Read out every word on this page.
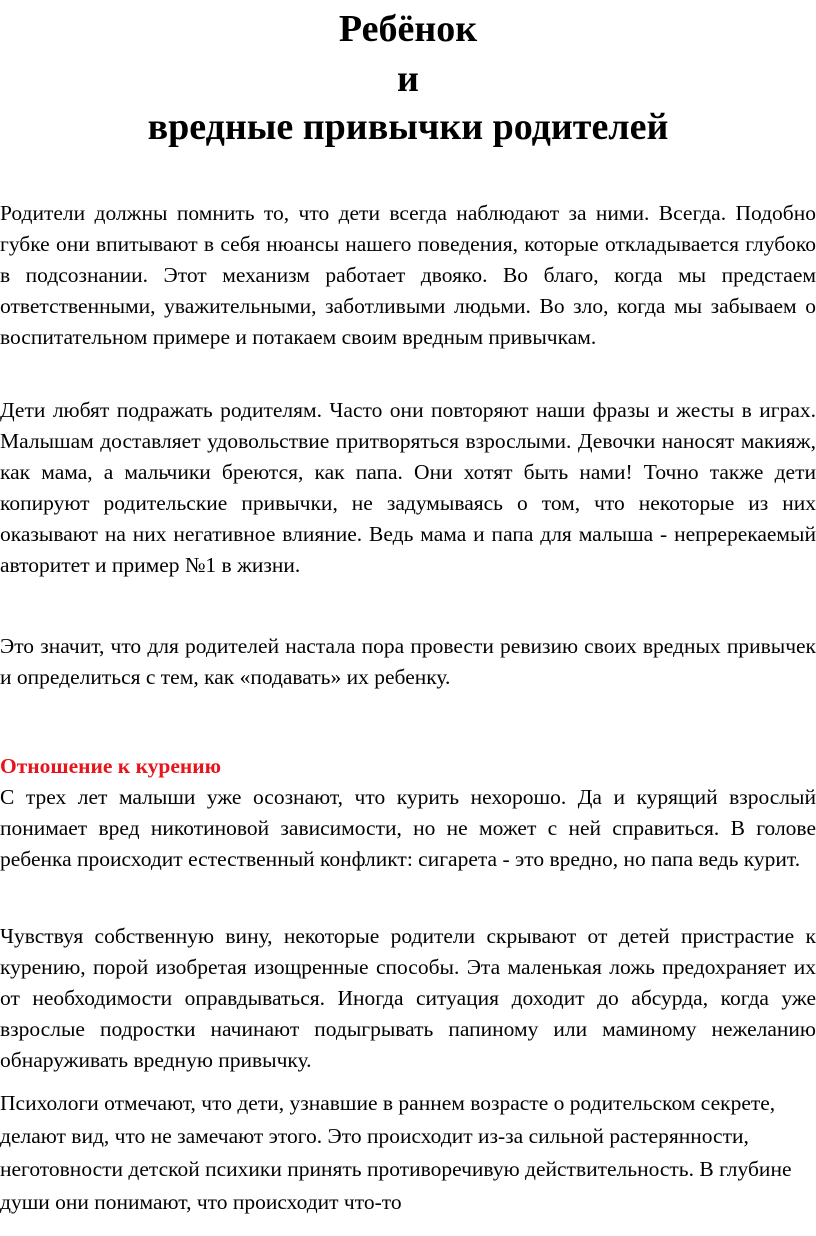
Ребёнок
и
вредные привычки родителей

Родители должны помнить то, что дети всегда наблюдают за ними. Всегда. Подобно губке они впитывают в себя нюансы нашего поведения, которые откладывается глубоко в подсознании. Этот механизм работает двояко. Во благо, когда мы предстаем ответственными, уважительными, заботливыми людьми. Во зло, когда мы забываем о воспитательном примере и потакаем своим вредным привычкам.

Дети любят подражать родителям. Часто они повторяют наши фразы и жесты в играх. Малышам доставляет удовольствие притворяться взрослыми. Девочки наносят макияж, как мама, а мальчики бреются, как папа. Они хотят быть нами! Точно также дети копируют родительские привычки, не задумываясь о том, что некоторые из них оказывают на них негативное влияние. Ведь мама и папа для малыша - непререкаемый авторитет и пример №1 в жизни.

Это значит, что для родителей настала пора провести ревизию своих вредных привычек и определиться с тем, как «подавать» их ребенку.

Отношение к курению

С трех лет малыши уже осознают, что курить нехорошо. Да и курящий взрослый понимает вред никотиновой зависимости, но не может с ней справиться. В голове ребенка происходит естественный конфликт: сигарета - это вредно, но папа ведь курит.

Чувствуя собственную вину, некоторые родители скрывают от детей пристрастие к курению, порой изобретая изощренные способы. Эта маленькая ложь предохраняет их от необходимости оправдываться. Иногда ситуация доходит до абсурда, когда уже взрослые подростки начинают подыгрывать папиному или маминому нежеланию обнаруживать вредную привычку.

Психологи отмечают, что дети, узнавшие в раннем возрасте о родительском секрете, делают вид, что не замечают этого. Это происходит из-за сильной растерянности, неготовности детской психики принять противоречивую действительность. В глубине души они понимают, что происходит что-то
